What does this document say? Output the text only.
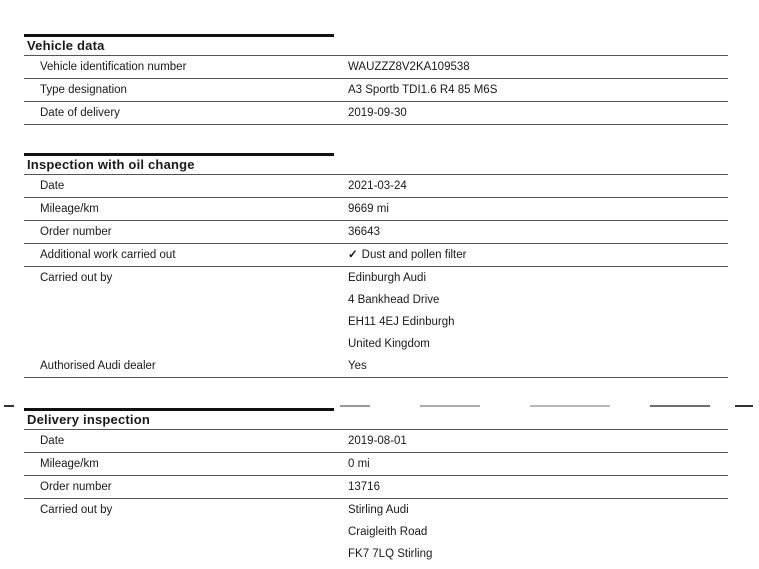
Vehicle data
Vehicle identification number	WAUZZZ8V2KA109538
Type designation	A3 Sportb TDI1.6 R4 85 M6S
Date of delivery	2019-09-30
Inspection with oil change
Date	2021-03-24
Mileage/km	9669 mi
Order number	36643
Additional work carried out	✓ Dust and pollen filter
Carried out by	Edinburgh Audi
4 Bankhead Drive
EH11 4EJ Edinburgh
United Kingdom
Authorised Audi dealer	Yes
Delivery inspection
Date	2019-08-01
Mileage/km	0 mi
Order number	13716
Carried out by	Stirling Audi
Craigleith Road
FK7 7LQ Stirling
